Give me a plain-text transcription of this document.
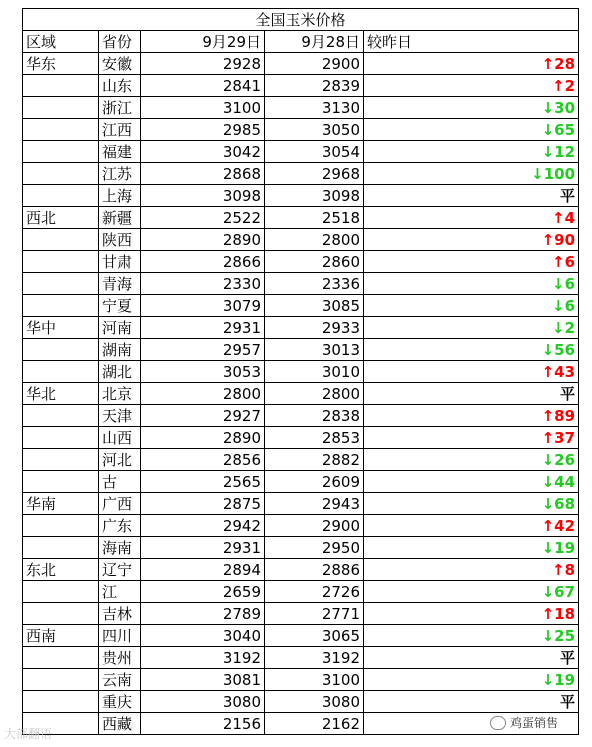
全国玉米价格				
区域	省份	9月29日	9月28日	较昨日
华东	安徽	2928	2900	↑28
	山东	2841	2839	↑2
	浙江	3100	3130	↓30
	江西	2985	3050	↓65
	福建	3042	3054	↓12
	江苏	2868	2968	↓100
	上海	3098	3098	平
西北	新疆	2522	2518	↑4
	陕西	2890	2800	↑90
	甘肃	2866	2860	↑6
	青海	2330	2336	↓6
	宁夏	3079	3085	↓6
华中	河南	2931	2933	↓2
	湖南	2957	3013	↓56
	湖北	3053	3010	↑43
华北	北京	2800	2800	平
	天津	2927	2838	↑89
	山西	2890	2853	↑37
	河北	2856	2882	↓26
	古	2565	2609	↓44
华南	广西	2875	2943	↓68
	广东	2942	2900	↑42
	海南	2931	2950	↓19
东北	辽宁	2894	2886	↑8
	江	2659	2726	↓67
	吉林	2789	2771	↑18
西南	四川	3040	3065	↓25
	贵州	3192	3192	平
	云南	3081	3100	↓19
	重庆	3080	3080	平
	西藏	2156	2162	
大部翻语
鸡蛋销售
